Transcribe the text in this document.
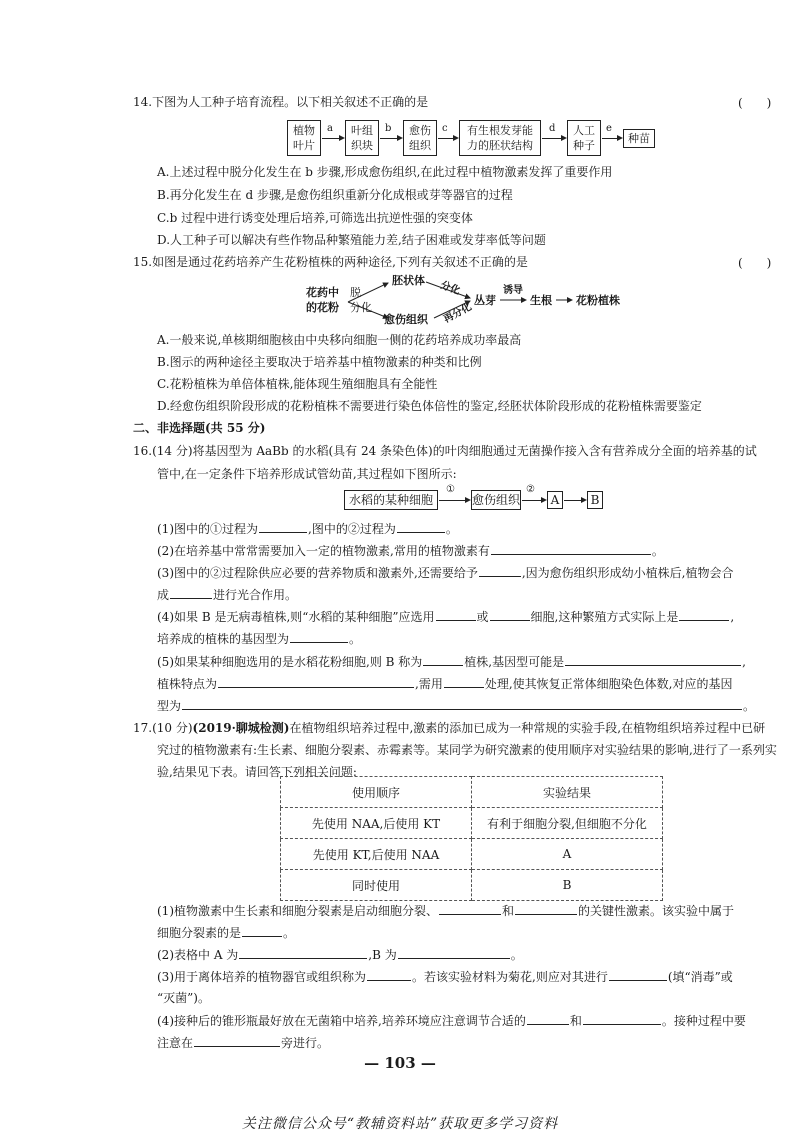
14.下图为人工种子培育流程。以下相关叙述不正确的是	(　　)
植物
叶片
a 叶组
织块
b 愈伤
组织
c 有生根发芽能
力的胚状结构
d 人工
种子
e
种苗
A.上述过程中脱分化发生在 b 步骤,形成愈伤组织,在此过程中植物激素发挥了重要作用
B.再分化发生在 d 步骤,是愈伤组织重新分化成根或芽等器官的过程
C.b 过程中进行诱变处理后培养,可筛选出抗逆性强的突变体
D.人工种子可以解决有些作物品种繁殖能力差,结子困难或发芽率低等问题
15.如图是通过花药培养产生花粉植株的两种途径,下列有关叙述不正确的是	(　　)
花药中
的花粉
脱
分化
胚状体
愈伤组织
分化
再分化
丛芽
诱导
生根 花粉植株
A.一般来说,单核期细胞核由中央移向细胞一侧的花药培养成功率最高
B.图示的两种途径主要取决于培养基中植物激素的种类和比例
C.花粉植株为单倍体植株,能体现生殖细胞具有全能性
D.经愈伤组织阶段形成的花粉植株不需要进行染色体倍性的鉴定,经胚状体阶段形成的花粉植株需要鉴定
二、非选择题(共 55 分)
16.(14 分)将基因型为 AaBb 的水稻(具有 24 条染色体)的叶肉细胞通过无菌操作接入含有营养成分全面的培养基的试
管中,在一定条件下培养形成试管幼苗,其过程如下图所示:
水稻的某种细胞
①
愈伤组织
②
A	B
(1)图中的①过程为	,图中的②过程为	。
(2)在培养基中常常需要加入一定的植物激素,常用的植物激素有	。
(3)图中的②过程除供应必要的营养物质和激素外,还需要给予	,因为愈伤组织形成幼小植株后,植物会合
成	进行光合作用。
(4)如果 B 是无病毒植株,则“水稻的某种细胞”应选用	或	细胞,这种繁殖方式实际上是	,
培养成的植株的基因型为	。
(5)如果某种细胞选用的是水稻花粉细胞,则 B 称为	植株,基因型可能是	,
植株特点为	,需用	处理,使其恢复正常体细胞染色体数,对应的基因
型为	。
17.(10 分)(2019·聊城检测)在植物组织培养过程中,激素的添加已成为一种常规的实验手段,在植物组织培养过程中已研
究过的植物激素有:生长素、细胞分裂素、赤霉素等。某同学为研究激素的使用顺序对实验结果的影响,进行了一系列实
验,结果见下表。请回答下列相关问题:
使用顺序	实验结果
先使用 NAA,后使用 KT	有利于细胞分裂,但细胞不分化
先使用 KT,后使用 NAA	A
同时使用	B
(1)植物激素中生长素和细胞分裂素是启动细胞分裂、	和	的关键性激素。该实验中属于
细胞分裂素的是	。
(2)表格中 A 为	,B 为	。
(3)用于离体培养的植物器官或组织称为	。若该实验材料为菊花,则应对其进行	(填“消毒”或
“灭菌”)。
(4)接种后的锥形瓶最好放在无菌箱中培养,培养环境应注意调节合适的	和	。接种过程中要
注意在	旁进行。
— 103 —
关注微信公众号“教辅资料站”获取更多学习资料
